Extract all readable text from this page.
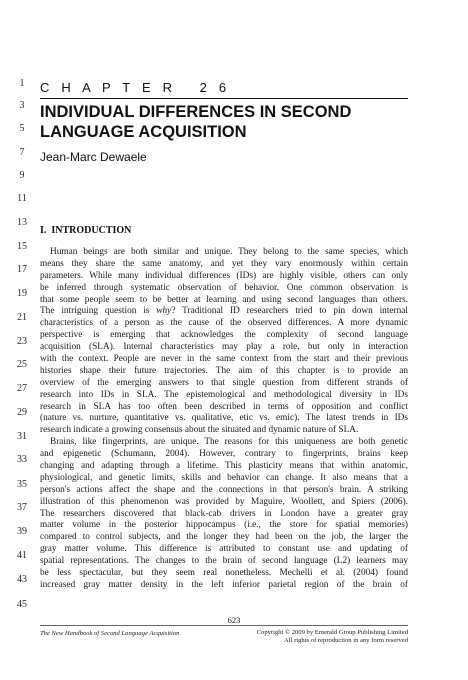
1
3
5
7
9
11
13
15
17
19
21
23
25
27
29
31
33
35
37
39
41
43
45
C H A P T E R   2 6
INDIVIDUAL DIFFERENCES IN SECOND LANGUAGE ACQUISITION
Jean-Marc Dewaele
I.  INTRODUCTION
Human beings are both similar and unique. They belong to the same species, which
means they share the same anatomy, and yet they vary enormously within certain
parameters. While many individual differences (IDs) are highly visible, others can only
be inferred through systematic observation of behavior. One common observation is
that some people seem to be better at learning and using second languages than others.
The intriguing question is why? Traditional ID researchers tried to pin down internal
characteristics of a person as the cause of the observed differences. A more dynamic
perspective is emerging that acknowledges the complexity of second language
acquisition (SLA). Internal characteristics may play a role, but only in interaction
with the context. People are never in the same context from the start and their previous
histories shape their future trajectories. The aim of this chapter is to provide an
overview of the emerging answers to that single question from different strands of
research into IDs in SLA. The epistemological and methodological diversity in IDs
research in SLA has too often been described in terms of opposition and conflict
(nature vs. nurture, quantitative vs. qualitative, etic vs. emic). The latest trends in IDs
research indicate a growing consensus about the situated and dynamic nature of SLA.
Brains, like fingerprints, are unique. The reasons for this uniqueness are both genetic
and epigenetic (Schumann, 2004). However, contrary to fingerprints, brains keep
changing and adapting through a lifetime. This plasticity means that within anatomic,
physiological, and genetic limits, skills and behavior can change. It also means that a
person's actions affect the shape and the connections in that person's brain. A striking
illustration of this phenomenon was provided by Maguire, Woollett, and Spiers (2006).
The researchers discovered that black-cab drivers in London have a greater gray
matter volume in the posterior hippocampus (i.e., the store for spatial memories)
compared to control subjects, and the longer they had been on the job, the larger the
gray matter volume. This difference is attributed to constant use and updating of
spatial representations. The changes to the brain of second language (L2) learners may
be less spectacular, but they seem real nonetheless. Mechelli et al. (2004) found
increased gray matter density in the left inferior parietal region of the brain of
623
The New Handbook of Second Language Acquisition	Copyright © 2009 by Emerald Group Publishing Limited
All rights of reproduction in any form reserved
